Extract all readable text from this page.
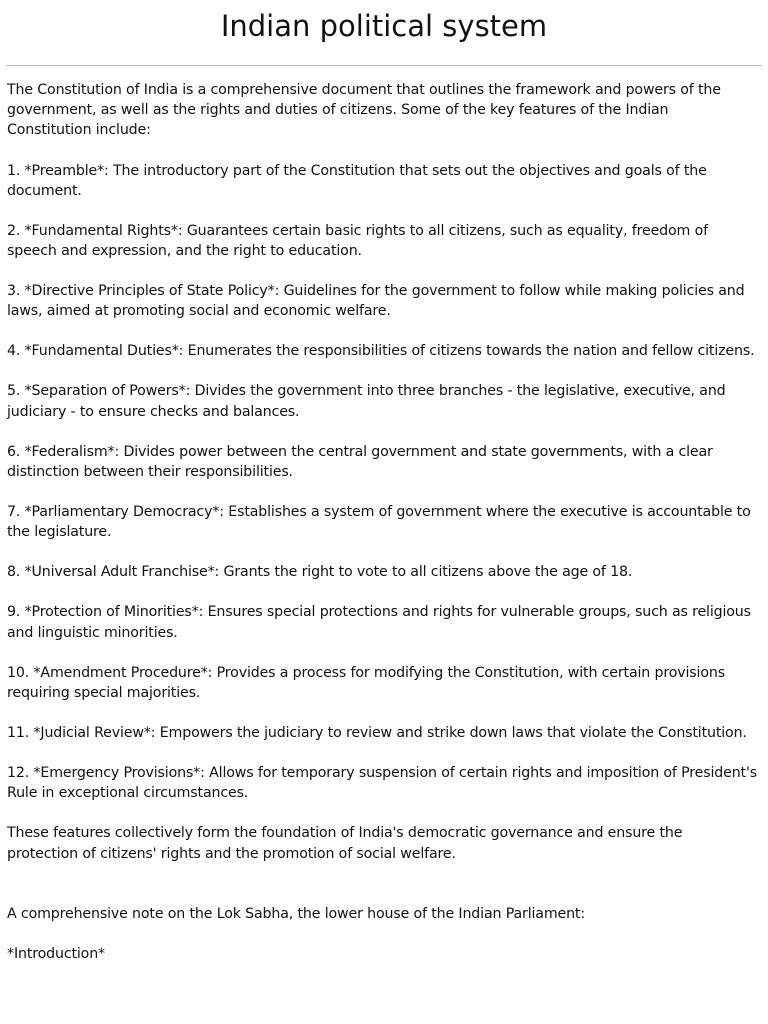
Indian political system

The Constitution of India is a comprehensive document that outlines the framework and powers of the government, as well as the rights and duties of citizens. Some of the key features of the Indian Constitution include:

1. *Preamble*: The introductory part of the Constitution that sets out the objectives and goals of the document.

2. *Fundamental Rights*: Guarantees certain basic rights to all citizens, such as equality, freedom of speech and expression, and the right to education.

3. *Directive Principles of State Policy*: Guidelines for the government to follow while making policies and laws, aimed at promoting social and economic welfare.

4. *Fundamental Duties*: Enumerates the responsibilities of citizens towards the nation and fellow citizens.

5. *Separation of Powers*: Divides the government into three branches - the legislative, executive, and judiciary - to ensure checks and balances.

6. *Federalism*: Divides power between the central government and state governments, with a clear distinction between their responsibilities.

7. *Parliamentary Democracy*: Establishes a system of government where the executive is accountable to the legislature.

8. *Universal Adult Franchise*: Grants the right to vote to all citizens above the age of 18.

9. *Protection of Minorities*: Ensures special protections and rights for vulnerable groups, such as religious and linguistic minorities.

10. *Amendment Procedure*: Provides a process for modifying the Constitution, with certain provisions requiring special majorities.

11. *Judicial Review*: Empowers the judiciary to review and strike down laws that violate the Constitution.

12. *Emergency Provisions*: Allows for temporary suspension of certain rights and imposition of President's Rule in exceptional circumstances.

These features collectively form the foundation of India's democratic governance and ensure the protection of citizens' rights and the promotion of social welfare.

A comprehensive note on the Lok Sabha, the lower house of the Indian Parliament:

*Introduction*
